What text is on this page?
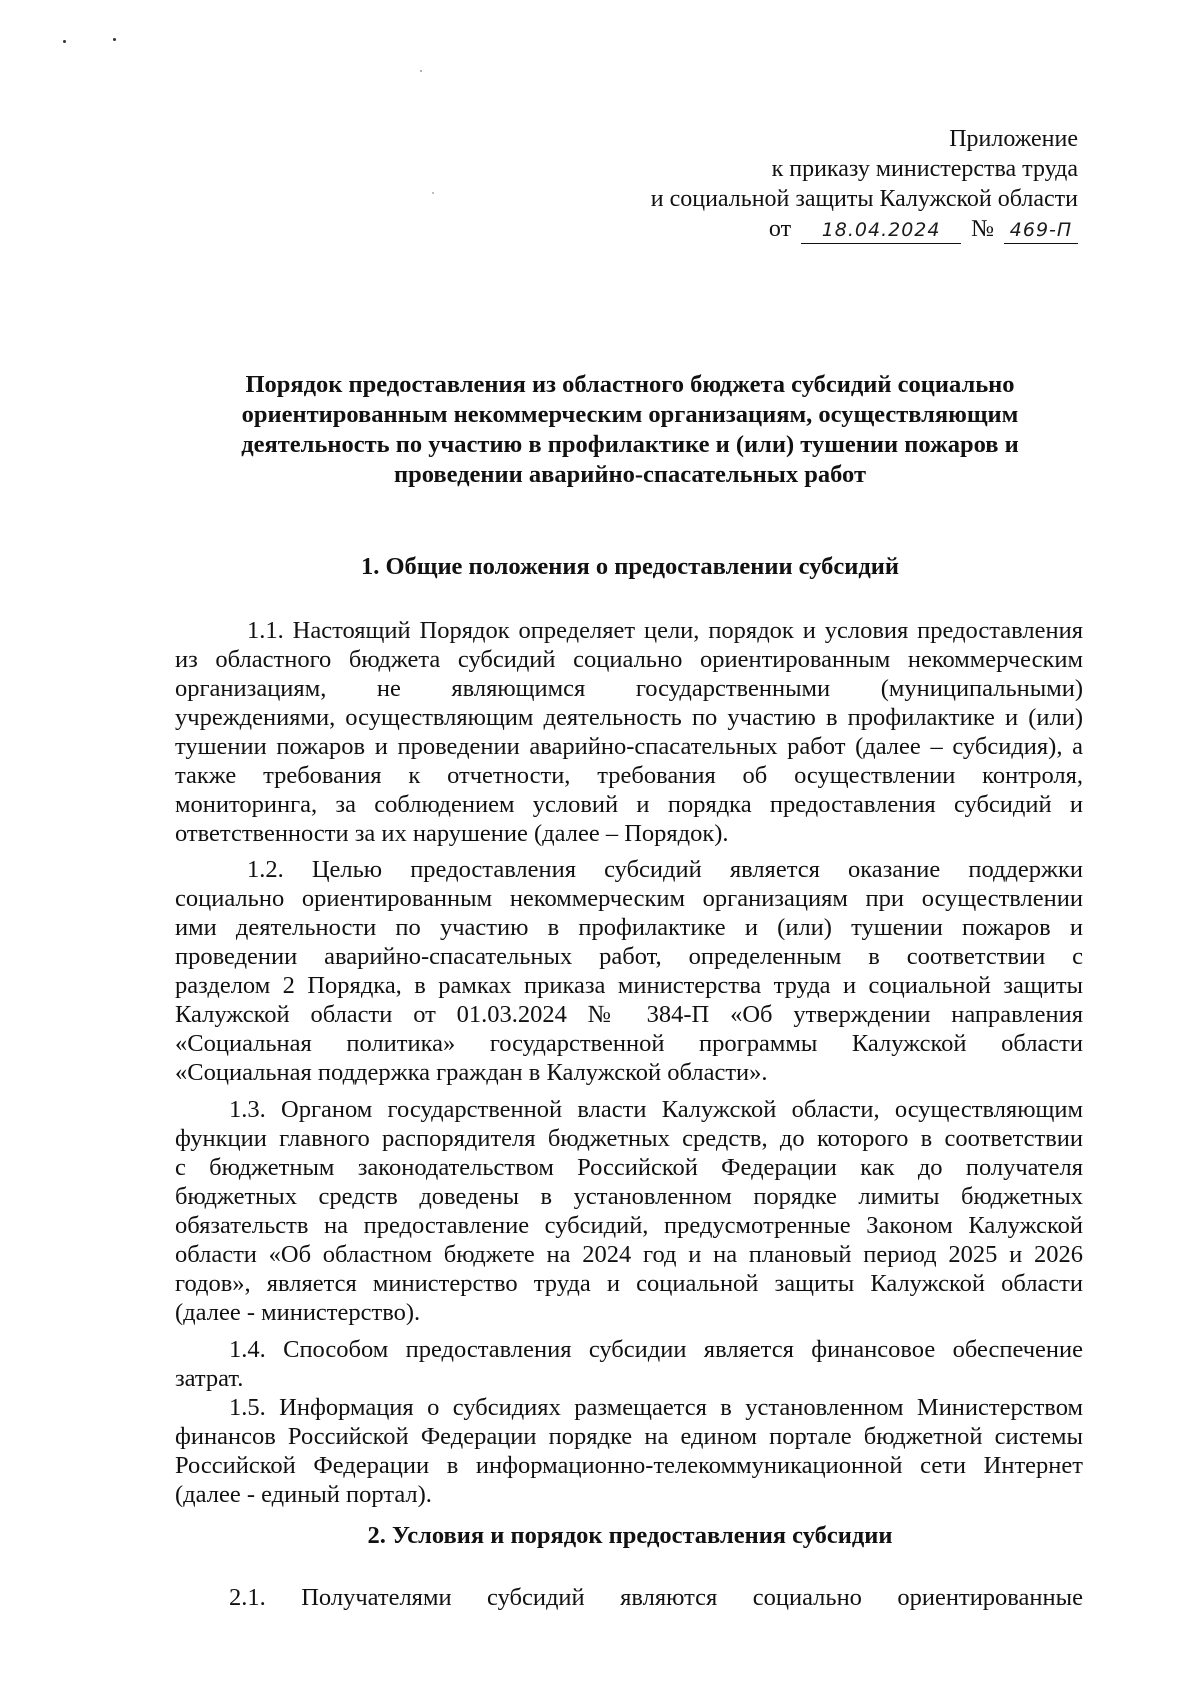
Приложение
к приказу министерства труда
и социальной защиты Калужской области
от 18.04.2024 № 469-П
Порядок предоставления из областного бюджета субсидий социально
ориентированным некоммерческим организациям, осуществляющим
деятельность по участию в профилактике и (или) тушении пожаров и
проведении аварийно-спасательных работ
1. Общие положения о предоставлении субсидий
1.1. Настоящий Порядок определяет цели, порядок и условия предоставления
из областного бюджета субсидий социально ориентированным некоммерческим
организациям, не являющимся государственными (муниципальными)
учреждениями, осуществляющим деятельность по участию в профилактике и (или)
тушении пожаров и проведении аварийно-спасательных работ (далее – субсидия), а
также требования к отчетности, требования об осуществлении контроля,
мониторинга, за соблюдением условий и порядка предоставления субсидий и
ответственности за их нарушение (далее – Порядок).
1.2. Целью предоставления субсидий является оказание поддержки
социально ориентированным некоммерческим организациям при осуществлении
ими деятельности по участию в профилактике и (или) тушении пожаров и
проведении аварийно-спасательных работ, определенным в соответствии с
разделом 2 Порядка, в рамках приказа министерства труда и социальной защиты
Калужской области от 01.03.2024 № 384-П «Об утверждении направления
«Социальная политика» государственной программы Калужской области
«Социальная поддержка граждан в Калужской области».
1.3. Органом государственной власти Калужской области, осуществляющим
функции главного распорядителя бюджетных средств, до которого в соответствии
с бюджетным законодательством Российской Федерации как до получателя
бюджетных средств доведены в установленном порядке лимиты бюджетных
обязательств на предоставление субсидий, предусмотренные Законом Калужской
области «Об областном бюджете на 2024 год и на плановый период 2025 и 2026
годов», является министерство труда и социальной защиты Калужской области
(далее - министерство).
1.4. Способом предоставления субсидии является финансовое обеспечение
затрат.
1.5. Информация о субсидиях размещается в установленном Министерством
финансов Российской Федерации порядке на едином портале бюджетной системы
Российской Федерации в информационно-телекоммуникационной сети Интернет
(далее - единый портал).
2. Условия и порядок предоставления субсидии
2.1. Получателями субсидий являются социально ориентированные
